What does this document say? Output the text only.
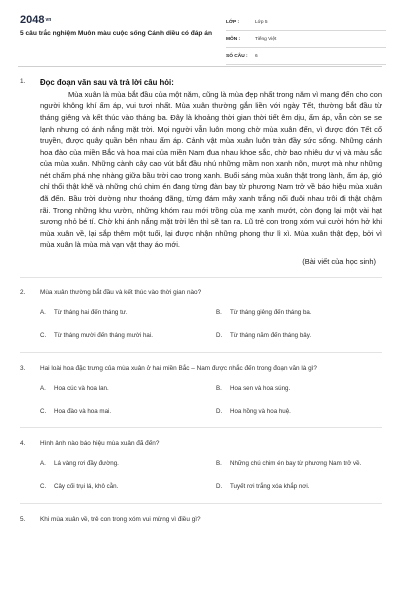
$2048^{vn}$
5 câu trắc nghiệm Muôn màu cuộc sống Cánh diều có đáp án
LỚP :	Lớp 5
MÔN :	Tiếng Việt
SỐ CÂU :	6
1. Đọc đoạn văn sau và trả lời câu hỏi:

Mùa xuân là mùa bắt đầu của một năm, cũng là mùa đẹp nhất trong năm vì mang đến cho con người không khí ấm áp, vui tươi nhất. Mùa xuân thường gắn liền với ngày Tết, thường bắt đầu từ tháng giêng và kết thúc vào tháng ba. Đây là khoảng thời gian thời tiết êm dịu, ấm áp, vẫn còn se se lạnh nhưng có ánh nắng mặt trời. Mọi người vẫn luôn mong chờ mùa xuân đến, vì được đón Tết cổ truyền, được quây quần bên nhau ấm áp. Cảnh vật mùa xuân luôn tràn đầy sức sống. Những cánh hoa đào của miền Bắc và hoa mai của miền Nam đua nhau khoe sắc, chờ bao nhiêu dư vị và màu sắc của mùa xuân. Những cành cây cao vút bắt đầu nhú những mầm non xanh nõn, mượt mà như những nét chấm phá nhẹ nhàng giữa bầu trời cao trong xanh. Buổi sáng mùa xuân thật trong lành, ấm áp, gió chỉ thổi thật khẽ và những chú chim én đang từng đàn bay từ phương Nam trở về báo hiệu mùa xuân đã đến. Bầu trời dường như thoáng đãng, từng đám mây xanh trắng nối đuôi nhau trôi đi thật chậm rãi. Trong những khu vườn, những khóm rau mới trồng của mẹ xanh mướt, còn đọng lại một vài hạt sương nhỏ bé tí. Chờ khi ánh nắng mặt trời lên thì sẽ tan ra. Lũ trẻ con trong xóm vui cười hớn hở khi mùa xuân về, lại sắp thêm một tuổi, lại được nhận những phong thư lì xì. Mùa xuân thật đẹp, bởi vì mùa xuân là mùa mà vạn vật thay áo mới.

(Bài viết của học sinh)
2. Mùa xuân thường bắt đầu và kết thúc vào thời gian nào?
A.	Từ tháng hai đến tháng tư.	B.	Từ tháng giêng đến tháng ba.
C.	Từ tháng mười đến tháng mười hai.	D.	Từ tháng năm đến tháng bảy.
3. Hai loài hoa đặc trưng của mùa xuân ở hai miền Bắc – Nam được nhắc đến trong đoạn văn là gì?
A.	Hoa cúc và hoa lan.	B.	Hoa sen và hoa súng.
C.	Hoa đào và hoa mai.	D.	Hoa hồng và hoa huệ.
4. Hình ảnh nào báo hiệu mùa xuân đã đến?
A.	Lá vàng rơi đầy đường.	B.	Những chú chim én bay từ phương Nam trở về.
C.	Cây cối trụi lá, khô cằn.	D.	Tuyết rơi trắng xóa khắp nơi.
5. Khi mùa xuân về, trẻ con trong xóm vui mừng vì điều gì?
